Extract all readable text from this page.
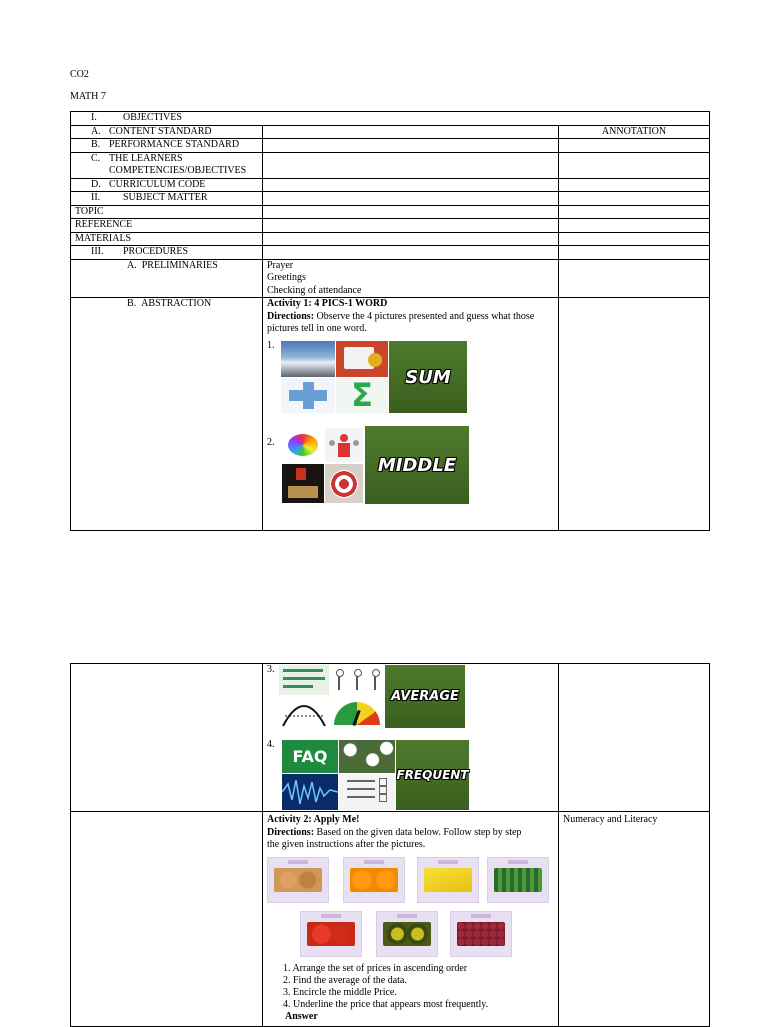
CO2
MATH 7
I. OBJECTIVES		
A. CONTENT STANDARD		ANNOTATION
B. PERFORMANCE STANDARD		
C. THE LEARNERS
COMPETENCIES/OBJECTIVES		
D. CURRICULUM CODE		
II. SUBJECT MATTER		
TOPIC		
REFERENCE		
MATERIALS		
III. PROCEDURES		
A. PRELIMINARIES	Prayer
Greetings
Checking of attendance	

B. ABSTRACTION	Activity 1: 4 PICS-1 WORD
Directions: Observe the 4 pictures presented and guess what those
pictures tell in one word.	

1.
Σ	SUM
2.
MIDDLE

	Activity 2: Apply Me!
Directions: Based on the given data below. Follow step by step
the given instructions after the pictures.	Numeracy and Literacy
3.
AVERAGE
4.
FAQ
FREQUENT
1. Arrange the set of prices in ascending order
2. Find the average of the data.
3. Encircle the middle Price.
4. Underline the price that appears most frequently.
Answer
